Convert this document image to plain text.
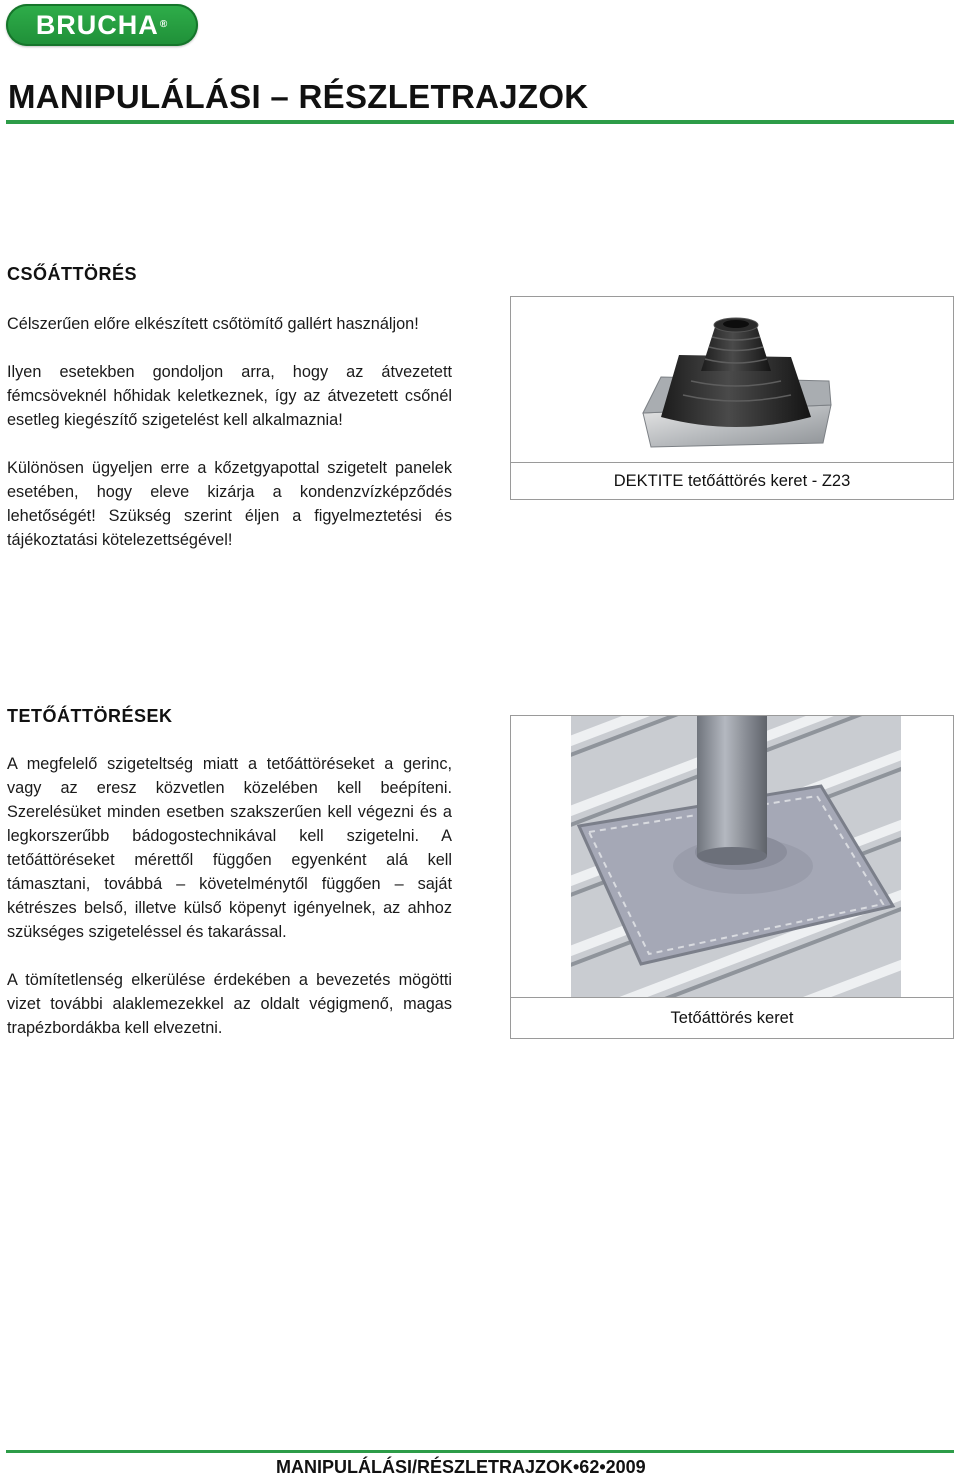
BRUCHA ®
MANIPULÁLÁSI – RÉSZLETRAJZOK
CSŐÁTTÖRÉS

Célszerűen előre elkészített csőtömítő gallért használjon!

Ilyen esetekben gondoljon arra, hogy az átvezetett fémcsöveknél hőhidak keletkeznek, így az átvezetett csőnél esetleg kiegészítő szigetelést kell alkalmaznia!

Különösen ügyeljen erre a kőzetgyapottal szigetelt panelek esetében, hogy eleve kizárja a kondenzvízképződés lehetőségét! Szükség szerint éljen a figyelmeztetési és tájékoztatási kötelezettségével!

DEKTITE tetőáttörés keret - Z23
TETŐÁTTÖRÉSEK

A megfelelő szigeteltség miatt a tetőáttöréseket a gerinc, vagy az eresz közvetlen közelében kell beépíteni. Szerelésüket minden esetben szakszerűen kell végezni és a legkorszerűbb bádogostechnikával kell szigetelni. A tetőáttöréseket mérettől függően egyenként alá kell támasztani, továbbá – követelménytől függően – saját kétrészes belső, illetve külső köpenyt igényelnek, az ahhoz szükséges szigeteléssel és takarással.

A tömítetlenség elkerülése érdekében a bevezetés mögötti vizet további alaklemezekkel az oldalt végigmenő, magas trapézbordákba kell elvezetni.

Tetőáttörés keret
MANIPULÁLÁSI/RÉSZLETRAJZOK•62•2009
